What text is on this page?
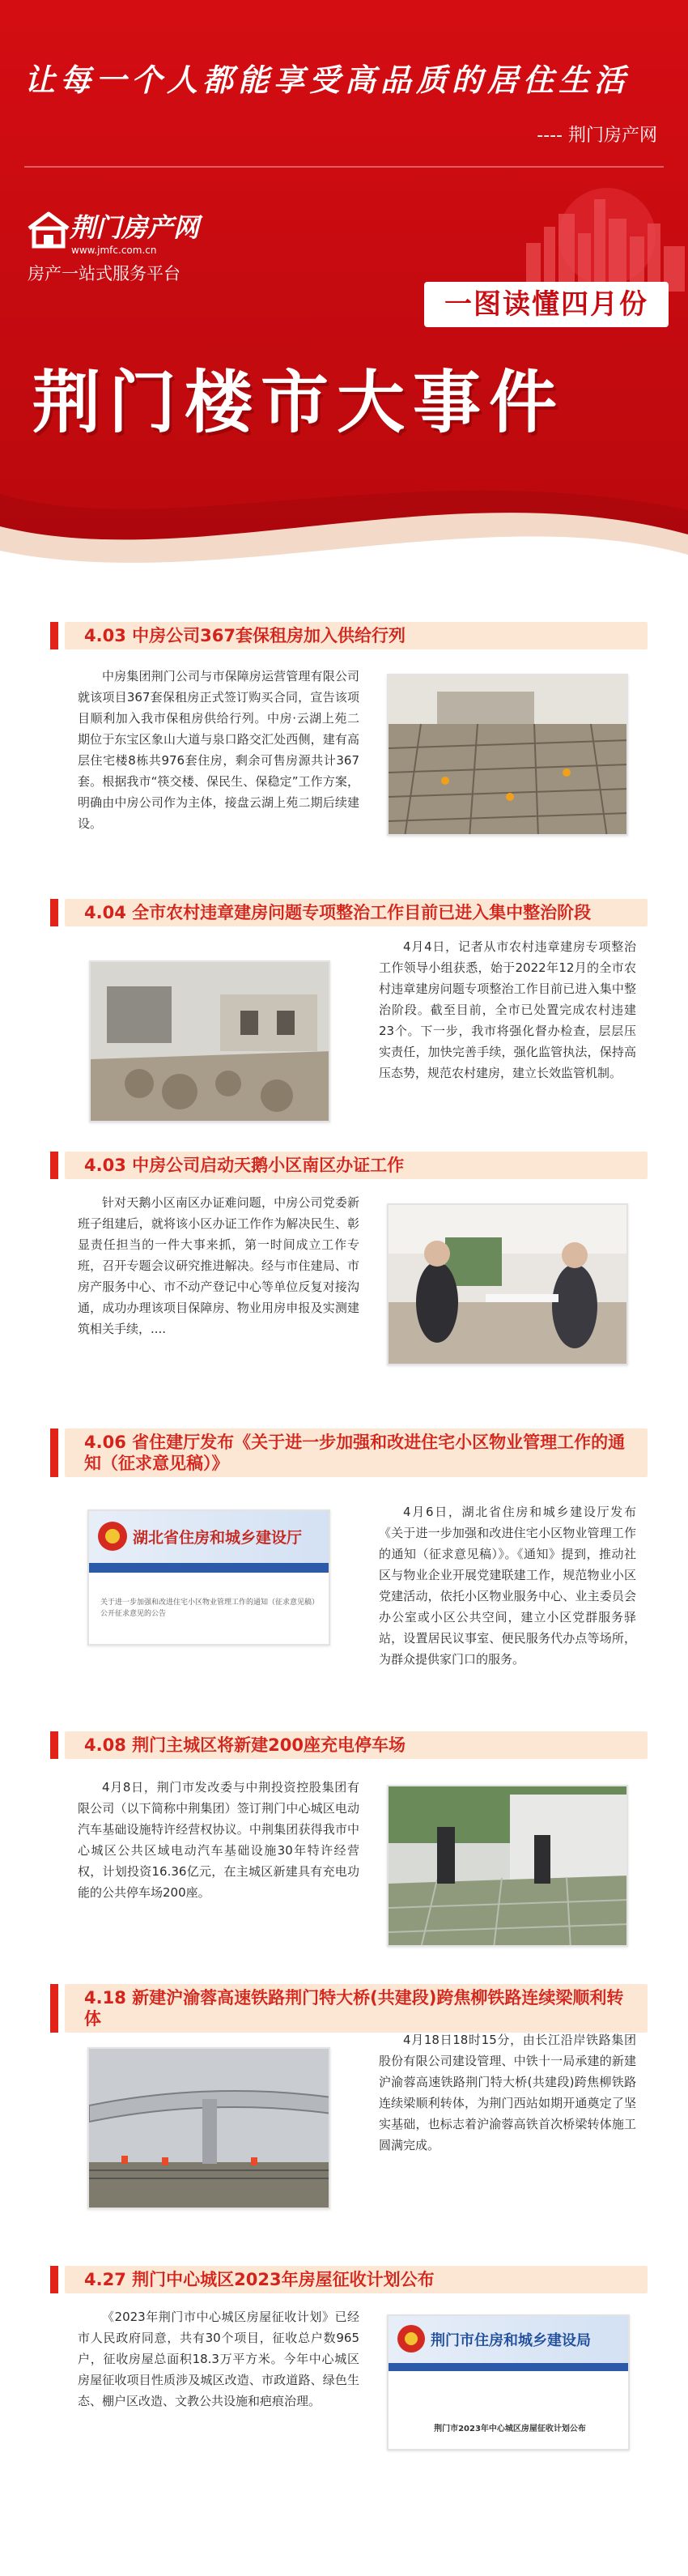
让每一个人都能享受高品质的居住生活
---- 荆门房产网
荆门房产网
www.jmfc.com.cn
房产一站式服务平台
一图读懂四月份
荆门楼市大事件
4.03 中房公司367套保租房加入供给行列
中房集团荆门公司与市保障房运营管理有限公司就该项目367套保租房正式签订购买合同，宣告该项目顺利加入我市保租房供给行列。中房·云湖上苑二期位于东宝区象山大道与泉口路交汇处西侧，建有高层住宅楼8栋共976套住房，剩余可售房源共计367套。根据我市“筷交楼、保民生、保稳定”工作方案，明确由中房公司作为主体，接盘云湖上苑二期后续建设。
4.04 全市农村违章建房问题专项整治工作目前已进入集中整治阶段
4月4日，记者从市农村违章建房专项整治工作领导小组获悉，始于2022年12月的全市农村违章建房问题专项整治工作目前已进入集中整治阶段。截至目前，全市已处置完成农村违建23个。下一步，我市将强化督办检查，层层压实责任，加快完善手续，强化监管执法，保持高压态势，规范农村建房，建立长效监管机制。
4.03 中房公司启动天鹅小区南区办证工作
针对天鹅小区南区办证难问题，中房公司党委新班子组建后，就将该小区办证工作作为解决民生、彰显责任担当的一件大事来抓，第一时间成立工作专班，召开专题会议研究推进解决。经与市住建局、市房产服务中心、市不动产登记中心等单位反复对接沟通，成功办理该项目保障房、物业用房申报及实测建筑相关手续，....
4.06 省住建厅发布《关于进一步加强和改进住宅小区物业管理工作的通知（征求意见稿）》
湖北省住房和城乡建设厅
关于进一步加强和改进住宅小区物业管理工作的通知（征求意见稿）公开征求意见的公告
4月6日，湖北省住房和城乡建设厅发布《关于进一步加强和改进住宅小区物业管理工作的通知（征求意见稿）》。《通知》提到，推动社区与物业企业开展党建联建工作，规范物业小区党建活动，依托小区物业服务中心、业主委员会办公室或小区公共空间，建立小区党群服务驿站，设置居民议事室、便民服务代办点等场所，为群众提供家门口的服务。
4.08 荆门主城区将新建200座充电停车场
4月8日，荆门市发改委与中荆投资控股集团有限公司（以下简称中荆集团）签订荆门中心城区电动汽车基础设施特许经营权协议。中荆集团获得我市中心城区公共区域电动汽车基础设施30年特许经营权，计划投资16.36亿元，在主城区新建具有充电功能的公共停车场200座。
4.18 新建沪渝蓉高速铁路荆门特大桥(共建段)跨焦柳铁路连续梁顺利转体
4月18日18时15分，由长江沿岸铁路集团股份有限公司建设管理、中铁十一局承建的新建沪渝蓉高速铁路荆门特大桥(共建段)跨焦柳铁路连续梁顺利转体，为荆门西站如期开通奠定了坚实基础，也标志着沪渝蓉高铁首次桥梁转体施工圆满完成。
4.27 荆门中心城区2023年房屋征收计划公布
《2023年荆门市中心城区房屋征收计划》已经市人民政府同意，共有30个项目，征收总户数965户，征收房屋总面积18.3万平方米。今年中心城区房屋征收项目性质涉及城区改造、市政道路、绿色生态、棚户区改造、文教公共设施和疤痕治理。
荆门市住房和城乡建设局
荆门市2023年中心城区房屋征收计划公布
